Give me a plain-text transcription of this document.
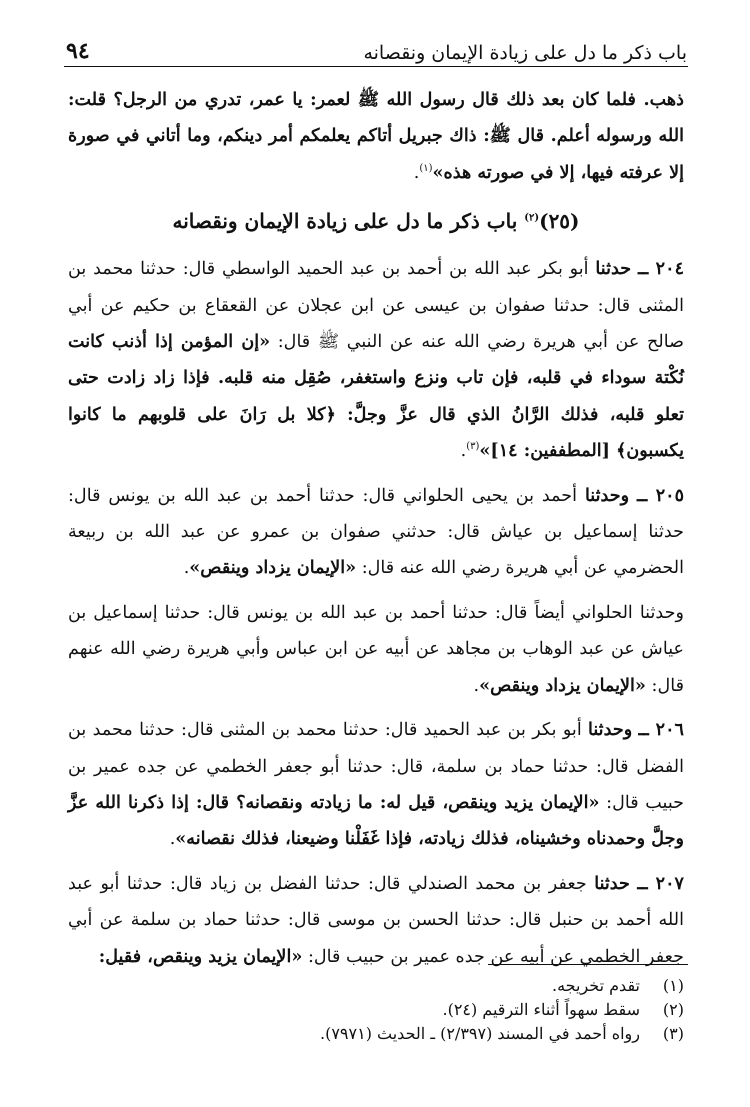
باب ذكر ما دل على زيادة الإيمان ونقصانه
٩٤

ذهب. فلما كان بعد ذلك قال رسول الله ﷺ لعمر: يا عمر، تدري من الرجل؟ قلت: الله ورسوله أعلم. قال ﷺ: ذاك جبريل أتاكم يعلمكم أمر دينكم، وما أتاني في صورة إلا عرفته فيها، إلا في صورته هذه»$^{(١)}$.

(٢٥)$^{(٢)}$ باب ذكر ما دل على زيادة الإيمان ونقصانه

٢٠٤ ــ حدثنا أبو بكر عبد الله بن أحمد بن عبد الحميد الواسطي قال: حدثنا محمد بن المثنى قال: حدثنا صفوان بن عيسى عن ابن عجلان عن القعقاع بن حكيم عن أبي صالح عن أبي هريرة رضي الله عنه عن النبي ﷺ قال: «إن المؤمن إذا أذنب كانت نُكْتة سوداء في قلبه، فإن تاب ونزع واستغفر، صُقِل منه قلبه. فإذا زاد زادت حتى تعلو قلبه، فذلك الرَّانُ الذي قال عزَّ وجلَّ: ﴿كلا بل رَانَ على قلوبهم ما كانوا يكسبون﴾ [المطففين: ١٤]»$^{(٣)}$.

٢٠٥ ــ وحدثنا أحمد بن يحيى الحلواني قال: حدثنا أحمد بن عبد الله بن يونس قال: حدثنا إسماعيل بن عياش قال: حدثني صفوان بن عمرو عن عبد الله بن ربيعة الحضرمي عن أبي هريرة رضي الله عنه قال: «الإيمان يزداد وينقص».

وحدثنا الحلواني أيضاً قال: حدثنا أحمد بن عبد الله بن يونس قال: حدثنا إسماعيل بن عياش عن عبد الوهاب بن مجاهد عن أبيه عن ابن عباس وأبي هريرة رضي الله عنهم قال: «الإيمان يزداد وينقص».

٢٠٦ ــ وحدثنا أبو بكر بن عبد الحميد قال: حدثنا محمد بن المثنى قال: حدثنا محمد بن الفضل قال: حدثنا حماد بن سلمة، قال: حدثنا أبو جعفر الخطمي عن جده عمير بن حبيب قال: «الإيمان يزيد وينقص، قيل له: ما زيادته ونقصانه؟ قال: إذا ذكرنا الله عزَّ وجلَّ وحمدناه وخشيناه، فذلك زيادته، فإذا غَفَلْنا وضيعنا، فذلك نقصانه».

٢٠٧ ــ حدثنا جعفر بن محمد الصندلي قال: حدثنا الفضل بن زياد قال: حدثنا أبو عبد الله أحمد بن حنبل قال: حدثنا الحسن بن موسى قال: حدثنا حماد بن سلمة عن أبي جعفر الخطمي عن أبيه عن جده عمير بن حبيب قال: «الإيمان يزيد وينقص، فقيل:

(١)
تقدم تخريجه.
(٢)
سقط سهواً أثناء الترقيم (٢٤).
(٣)
رواه أحمد في المسند (٢/٣٩٧) ـ الحديث (٧٩٧١).
